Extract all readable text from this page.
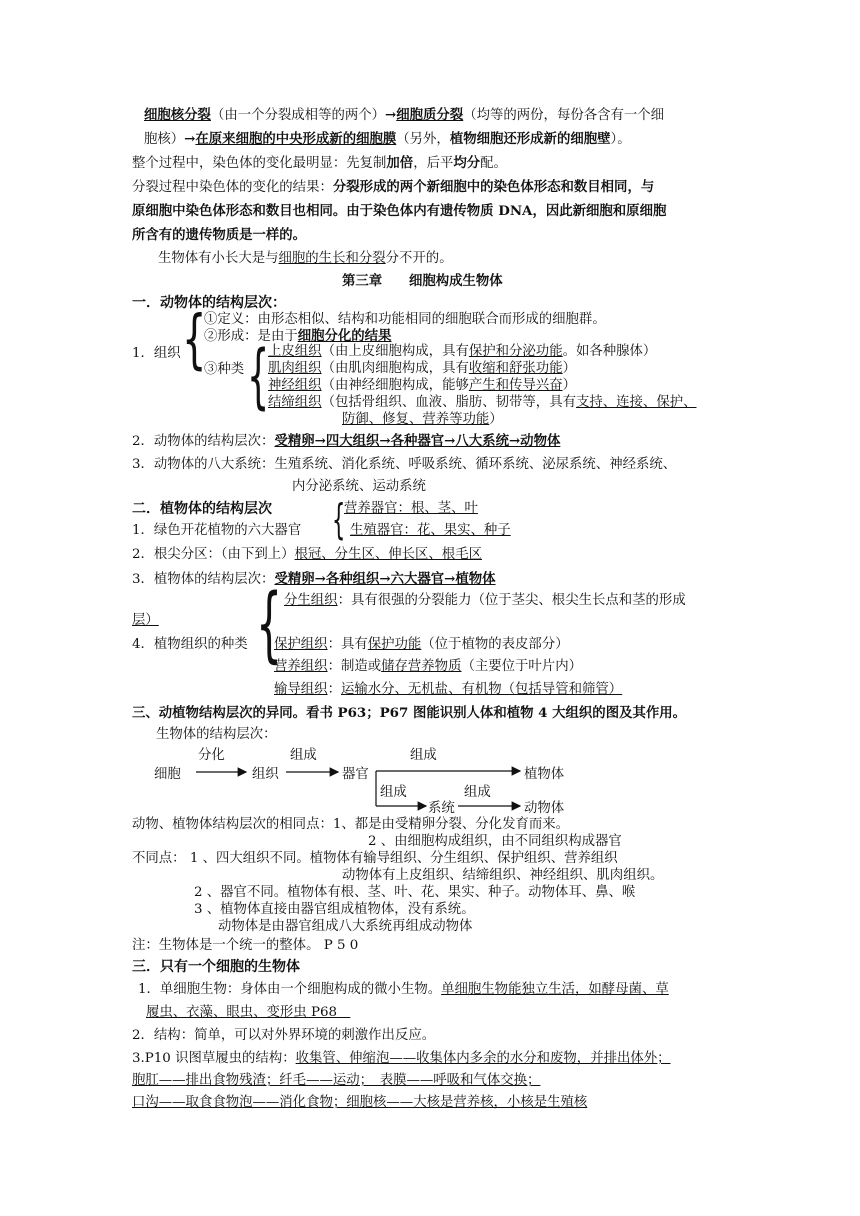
细胞核分裂（由一个分裂成相等的两个）→细胞质分裂（均等的两份，每份各含有一个细
胞核）→在原来细胞的中央形成新的细胞膜（另外，植物细胞还形成新的细胞壁）。
整个过程中，染色体的变化最明显：先复制加倍，后平均分配。
分裂过程中染色体的变化的结果：分裂形成的两个新细胞中的染色体形态和数目相同，与
原细胞中染色体形态和数目也相同。由于染色体内有遗传物质 DNA，因此新细胞和原细胞
所含有的遗传物质是一样的。
生物体有小长大是与细胞的生长和分裂分不开的。
第三章　　细胞构成生物体
一．动物体的结构层次：
①定义：由形态相似、结构和功能相同的细胞联合而形成的细胞群。
②形成：是由于细胞分化的结果
{
1．组织
③种类 {
上皮组织（由上皮细胞构成，具有保护和分泌功能。如各种腺体）
肌肉组织（由肌肉细胞构成，具有收缩和舒张功能）
神经组织（由神经细胞构成，能够产生和传导兴奋）
结缔组织（包括骨组织、血液、脂肪、韧带等，具有支持、连接、保护、
防御、修复、营养等功能）
2．动物体的结构层次：受精卵→四大组织→各种器官→八大系统→动物体
3．动物体的八大系统：生殖系统、消化系统、呼吸系统、循环系统、泌尿系统、神经系统、
内分泌系统、运动系统
二．植物体的结构层次	营养器官：根、茎、叶
{
1．绿色开花植物的六大器官	生殖器官：花、果实、种子
2．根尖分区：（由下到上）根冠、分生区、伸长区、根毛区
3．植物体的结构层次：受精卵→各种组织→六大器官→植物体
{ 分生组织：具有很强的分裂能力（位于茎尖、根尖生长点和茎的形成
层）
4．植物组织的种类 保护组织：具有保护功能（位于植物的表皮部分）
营养组织：制造或储存营养物质（主要位于叶片内）
输导组织：运输水分、无机盐、有机物（包括导管和筛管）
三、动植物结构层次的异同。看书 P63；P67 图能识别人体和植物 4 大组织的图及其作用。
生物体的结构层次：
分化	组成	组成
细胞	组织	器官	植物体
组成	组成
系统	动物体
动物、植物体结构层次的相同点：1、都是由受精卵分裂、分化发育而来。
2 、由细胞构成组织，由不同组织构成器官
不同点： 1 、四大组织不同。植物体有输导组织、分生组织、保护组织、营养组织
动物体有上皮组织、结缔组织、神经组织、肌肉组织。
2 、器官不同。植物体有根、茎、叶、花、果实、种子。动物体耳、鼻、喉
3 、植物体直接由器官组成植物体，没有系统。
动物体是由器官组成八大系统再组成动物体
注：生物体是一个统一的整体。 P 5 0
三．只有一个细胞的生物体
1．单细胞生物：身体由一个细胞构成的微小生物。单细胞生物能独立生活，如酵母菌、草
履虫、衣藻、眼虫、变形虫 P68　
2．结构：简单，可以对外界环境的刺激作出反应。
3.P10 识图草履虫的结构：收集管、伸缩泡——收集体内多余的水分和废物，并排出体外；
胞肛——排出食物残渣；纤毛——运动；　表膜——呼吸和气体交换；
口沟——取食食物泡——消化食物；细胞核——大核是营养核，小核是生殖核
